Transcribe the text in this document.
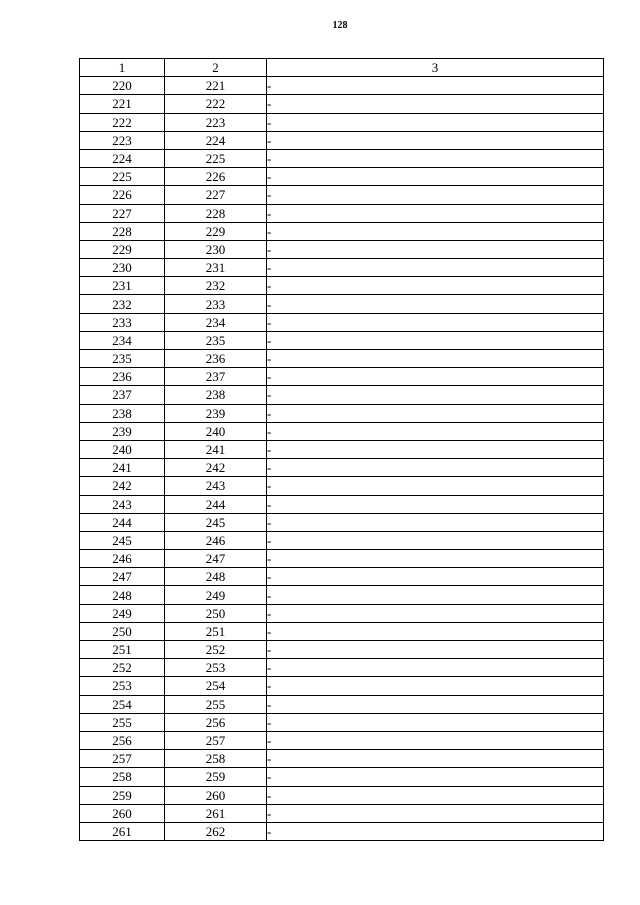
128
1	2	3
220	221	-
221	222	-
222	223	-
223	224	-
224	225	-
225	226	-
226	227	-
227	228	-
228	229	-
229	230	-
230	231	-
231	232	-
232	233	-
233	234	-
234	235	-
235	236	-
236	237	-
237	238	-
238	239	-
239	240	-
240	241	-
241	242	-
242	243	-
243	244	-
244	245	-
245	246	-
246	247	-
247	248	-
248	249	-
249	250	-
250	251	-
251	252	-
252	253	-
253	254	-
254	255	-
255	256	-
256	257	-
257	258	-
258	259	-
259	260	-
260	261	-
261	262	-
